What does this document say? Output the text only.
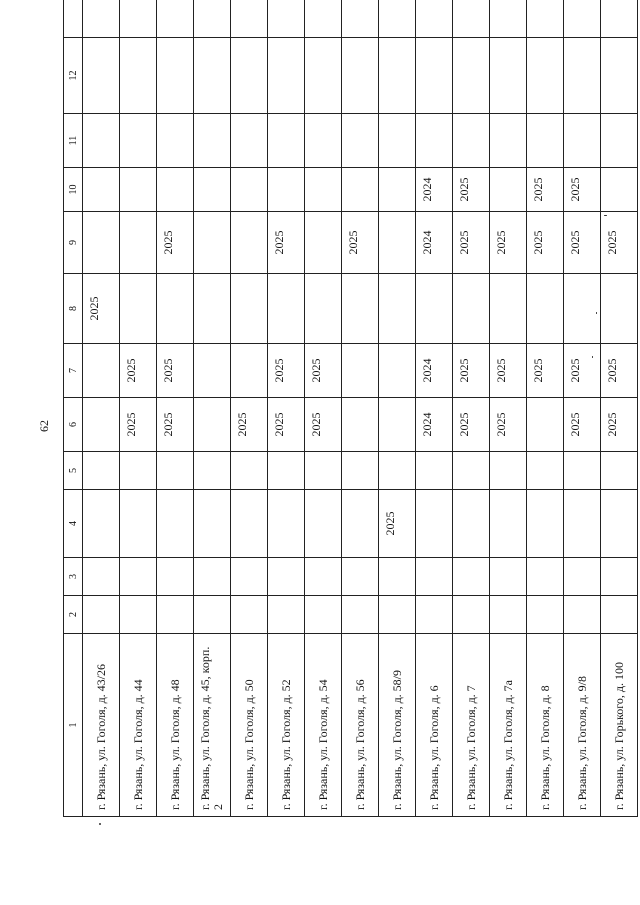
62
1	2	3	4	5	6	7	8	9	10	11	12	
г. Рязань, ул. Гоголя, д. 43/26							2025					
г. Рязань, ул. Гоголя, д. 44					2025	2025						
г. Рязань, ул. Гоголя, д. 48					2025	2025		2025				
г. Рязань, ул. Гоголя, д. 45, корп. 2												
г. Рязань, ул. Гоголя, д. 50					2025							
г. Рязань, ул. Гоголя, д. 52					2025	2025		2025				
г. Рязань, ул. Гоголя, д. 54					2025	2025						
г. Рязань, ул. Гоголя, д. 56								2025				
г. Рязань, ул. Гоголя, д. 58/9			2025									
г. Рязань, ул. Гоголя, д. 6					2024	2024		2024	2024			
г. Рязань, ул. Гоголя, д. 7					2025	2025		2025	2025			
г. Рязань, ул. Гоголя, д. 7а					2025	2025		2025				
г. Рязань, ул. Гоголя, д. 8						2025		2025	2025			
г. Рязань, ул. Гоголя, д. 9/8					2025	2025		2025	2025			
г. Рязань, ул. Горького, д. 100					2025	2025		2025				
